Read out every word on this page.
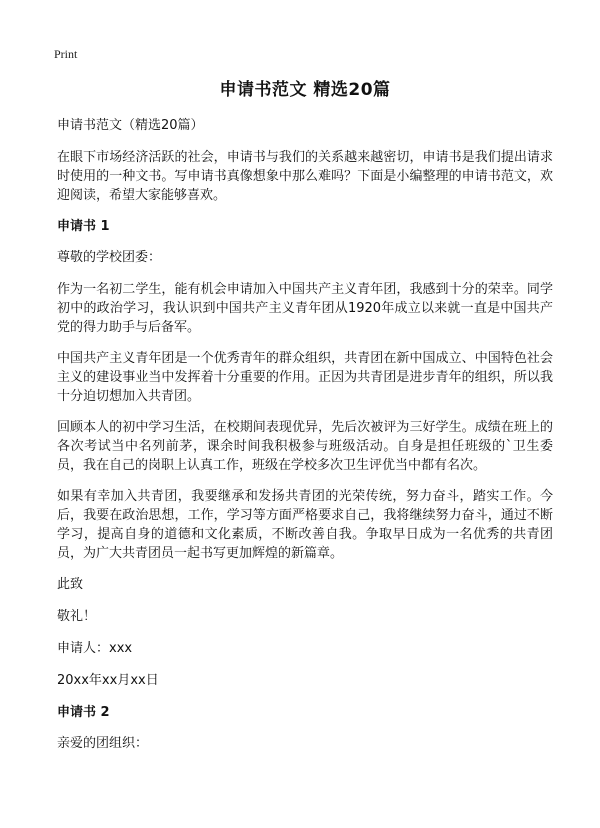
Print
申请书范文 精选20篇
申请书范文（精选20篇）
在眼下市场经济活跃的社会，申请书与我们的关系越来越密切，申请书是我们提出请求时使用的一种文书。写申请书真像想象中那么难吗？下面是小编整理的申请书范文，欢迎阅读，希望大家能够喜欢。
申请书 1
尊敬的学校团委：
作为一名初二学生，能有机会申请加入中国共产主义青年团，我感到十分的荣幸。同学初中的政治学习，我认识到中国共产主义青年团从1920年成立以来就一直是中国共产党的得力助手与后备军。
中国共产主义青年团是一个优秀青年的群众组织，共青团在新中国成立、中国特色社会主义的建设事业当中发挥着十分重要的作用。正因为共青团是进步青年的组织，所以我十分迫切想加入共青团。
回顾本人的初中学习生活，在校期间表现优异，先后次被评为三好学生。成绩在班上的各次考试当中名列前茅，课余时间我积极参与班级活动。自身是担任班级的`卫生委员，我在自己的岗职上认真工作，班级在学校多次卫生评优当中都有名次。
如果有幸加入共青团，我要继承和发扬共青团的光荣传统，努力奋斗，踏实工作。今后，我要在政治思想，工作，学习等方面严格要求自己，我将继续努力奋斗，通过不断学习，提高自身的道德和文化素质，不断改善自我。争取早日成为一名优秀的共青团员，为广大共青团员一起书写更加辉煌的新篇章。
此致
敬礼！
申请人：xxx
20xx年xx月xx日
申请书 2
亲爱的团组织：
